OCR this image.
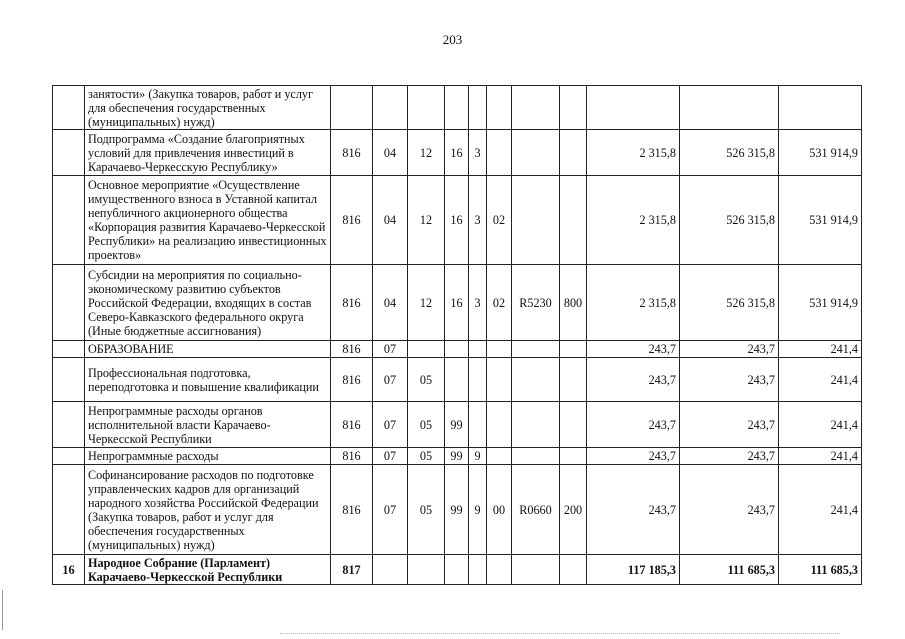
203
	занятости» (Закупка товаров, работ и услуг для обеспечения государственных (муниципальных) нужд)											
	Подпрограмма «Создание благоприятных условий для привлечения инвестиций в Карачаево-Черкесскую Республику»	816	04	12	16	3				2 315,8	526 315,8	531 914,9
	Основное мероприятие «Осуществление имущественного взноса в Уставной капитал непубличного акционерного общества «Корпорация развития Карачаево-Черкесской Республики» на реализацию инвестиционных проектов»	816	04	12	16	3	02			2 315,8	526 315,8	531 914,9
	Субсидии на мероприятия по социально-экономическому развитию субъектов Российской Федерации, входящих в состав Северо-Кавказского федерального округа (Иные бюджетные ассигнования)	816	04	12	16	3	02	R5230	800	2 315,8	526 315,8	531 914,9
	ОБРАЗОВАНИЕ	816	07							243,7	243,7	241,4
	Профессиональная подготовка, переподготовка и повышение квалификации	816	07	05						243,7	243,7	241,4
	Непрограммные расходы органов исполнительной власти Карачаево-Черкесской Республики	816	07	05	99					243,7	243,7	241,4
	Непрограммные расходы	816	07	05	99	9				243,7	243,7	241,4
	Софинансирование расходов по подготовке управленческих кадров для организаций народного хозяйства Российской Федерации (Закупка товаров, работ и услуг для обеспечения государственных (муниципальных) нужд)	816	07	05	99	9	00	R0660	200	243,7	243,7	241,4
16	Народное Собрание (Парламент) Карачаево-Черкесской Республики	817								117 185,3	111 685,3	111 685,3
